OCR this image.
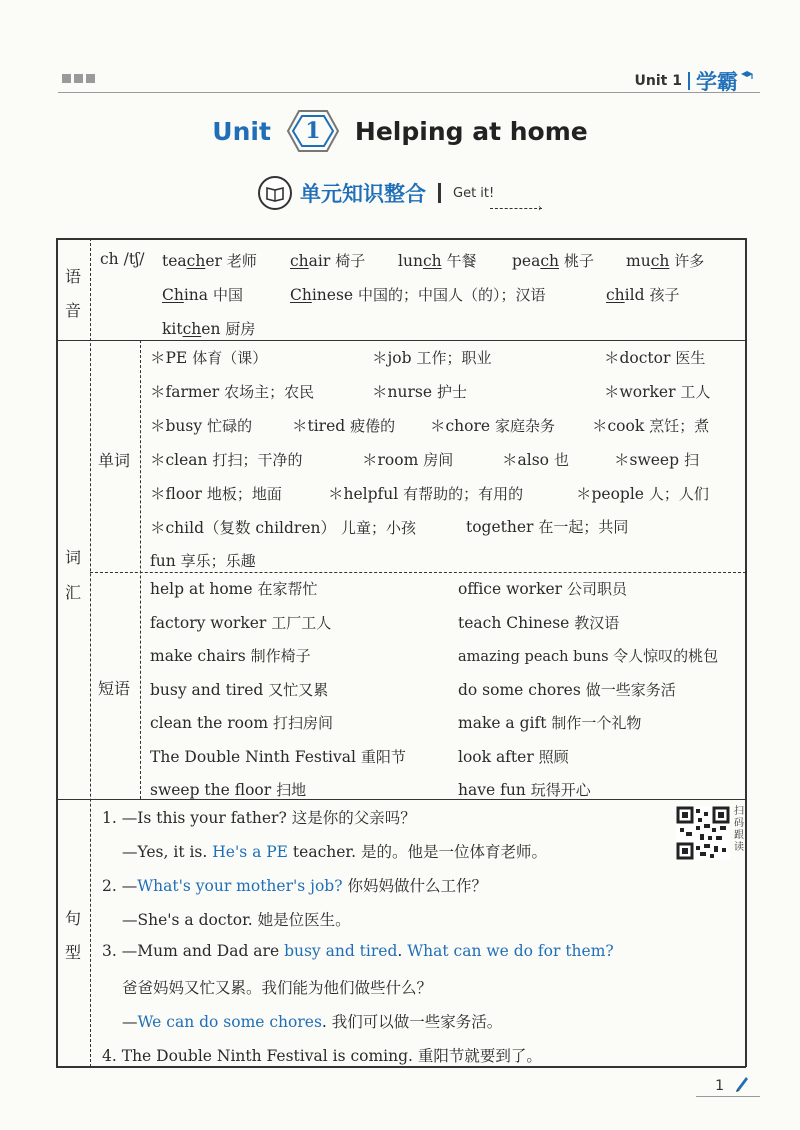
Unit 1 学霸
Unit	1	Helping at home
单元知识整合 Get it!
›
语
音
词
汇
单词
短语
句
型
ch /tʃ/ teacher 老师 chair 椅子 lunch 午餐 peach 桃子 much 许多
China 中国	Chinese 中国的；中国人（的）；汉语	child 孩子
kitchen 厨房
＊PE 体育（课）	＊job 工作；职业	＊doctor 医生
＊farmer 农场主；农民	＊nurse 护士	＊worker 工人
＊busy 忙碌的	＊tired 疲倦的 ＊chore 家庭杂务 ＊cook 烹饪；煮
＊clean 打扫；干净的	＊room 房间	＊also 也	＊sweep 扫
＊floor 地板；地面	＊helpful 有帮助的；有用的	＊people 人；人们
＊child（复数 children） 儿童；小孩	together 在一起；共同
fun 享乐；乐趣
help at home 在家帮忙	office worker 公司职员
factory worker 工厂工人	teach Chinese 教汉语
make chairs 制作椅子	amazing peach buns 令人惊叹的桃包
busy and tired 又忙又累	do some chores 做一些家务活
clean the room 打扫房间	make a gift 制作一个礼物
The Double Ninth Festival 重阳节	look after 照顾
sweep the floor 扫地	have fun 玩得开心
1. —Is this your father? 这是你的父亲吗？
—Yes, it is. He's a PE teacher. 是的。他是一位体育老师。
2. —What's your mother's job? 你妈妈做什么工作？
—She's a doctor. 她是位医生。
3. —Mum and Dad are busy and tired. What can we do for them?
爸爸妈妈又忙又累。我们能为他们做些什么？
—We can do some chores. 我们可以做一些家务活。
4. The Double Ninth Festival is coming. 重阳节就要到了。
扫
码
跟
读
1
